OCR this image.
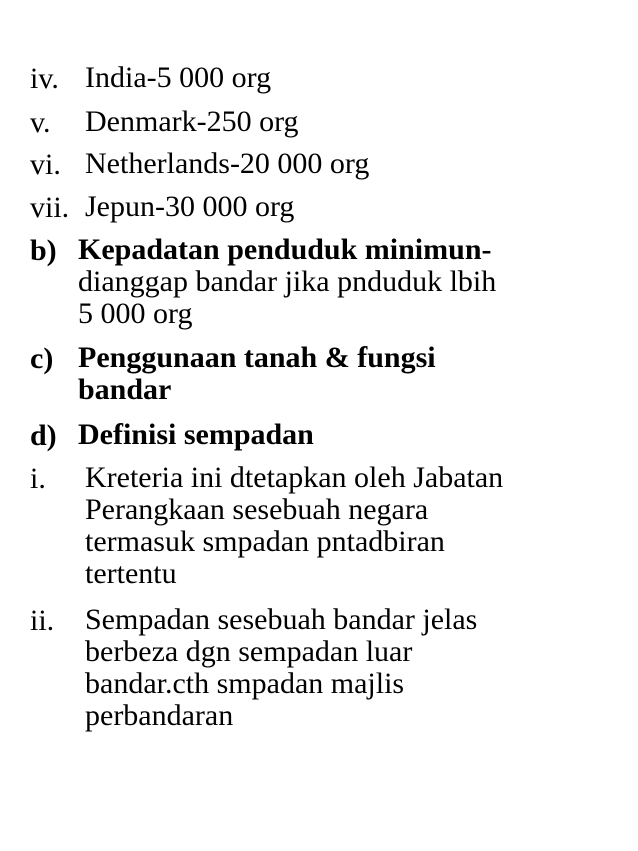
iv. India-5 000 org
v. Denmark-250 org
vi. Netherlands-20 000 org
vii. Jepun-30 000 org
b) Kepadatan penduduk minimun-
dianggap bandar jika pnduduk lbih
5 000 org
c) Penggunaan tanah & fungsi
bandar
d) Definisi sempadan
i. Kreteria ini dtetapkan oleh Jabatan
Perangkaan sesebuah negara
termasuk smpadan pntadbiran
tertentu
ii. Sempadan sesebuah bandar jelas
berbeza dgn sempadan luar
bandar.cth smpadan majlis
perbandaran
